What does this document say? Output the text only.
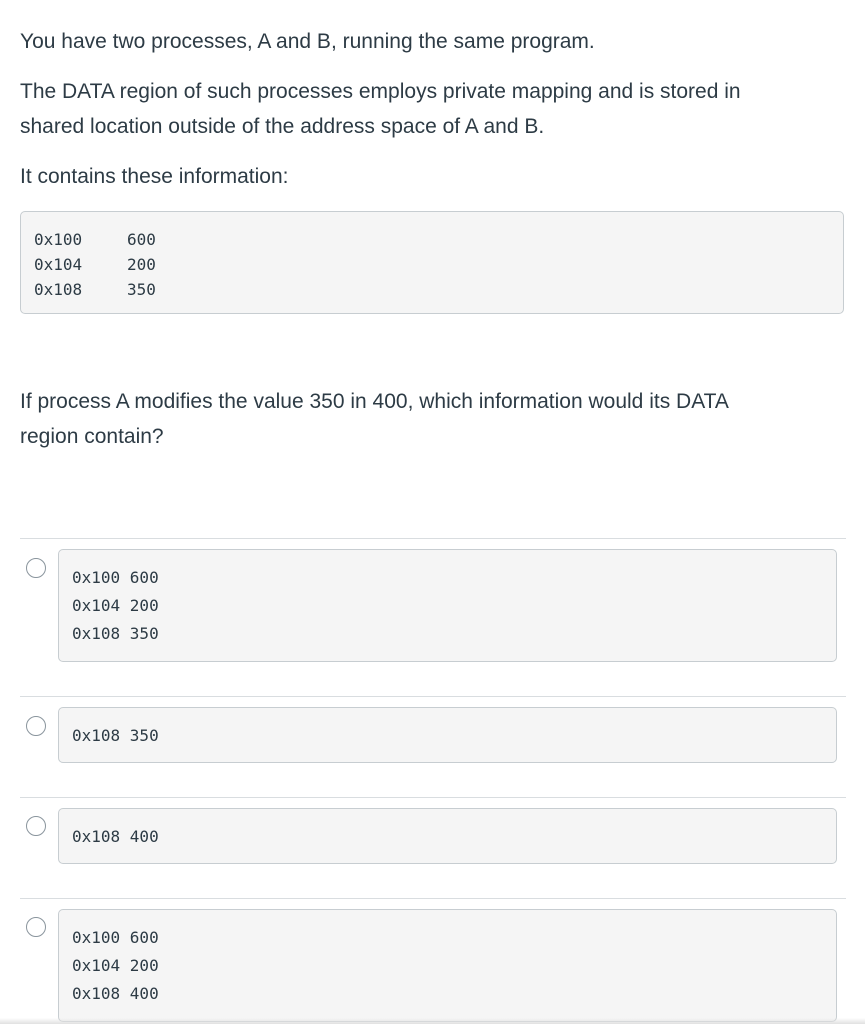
You have two processes, A and B, running the same program.

The DATA region of such processes employs private mapping and is stored in
shared location outside of the address space of A and B.

It contains these information:

0x100	600
0x104	200
0x108	350

If process A modifies the value 350 in 400, which information would its DATA
region contain?

0x100 600
0x104 200
0x108 350
0x108 350
0x108 400
0x100 600
0x104 200
0x108 400
